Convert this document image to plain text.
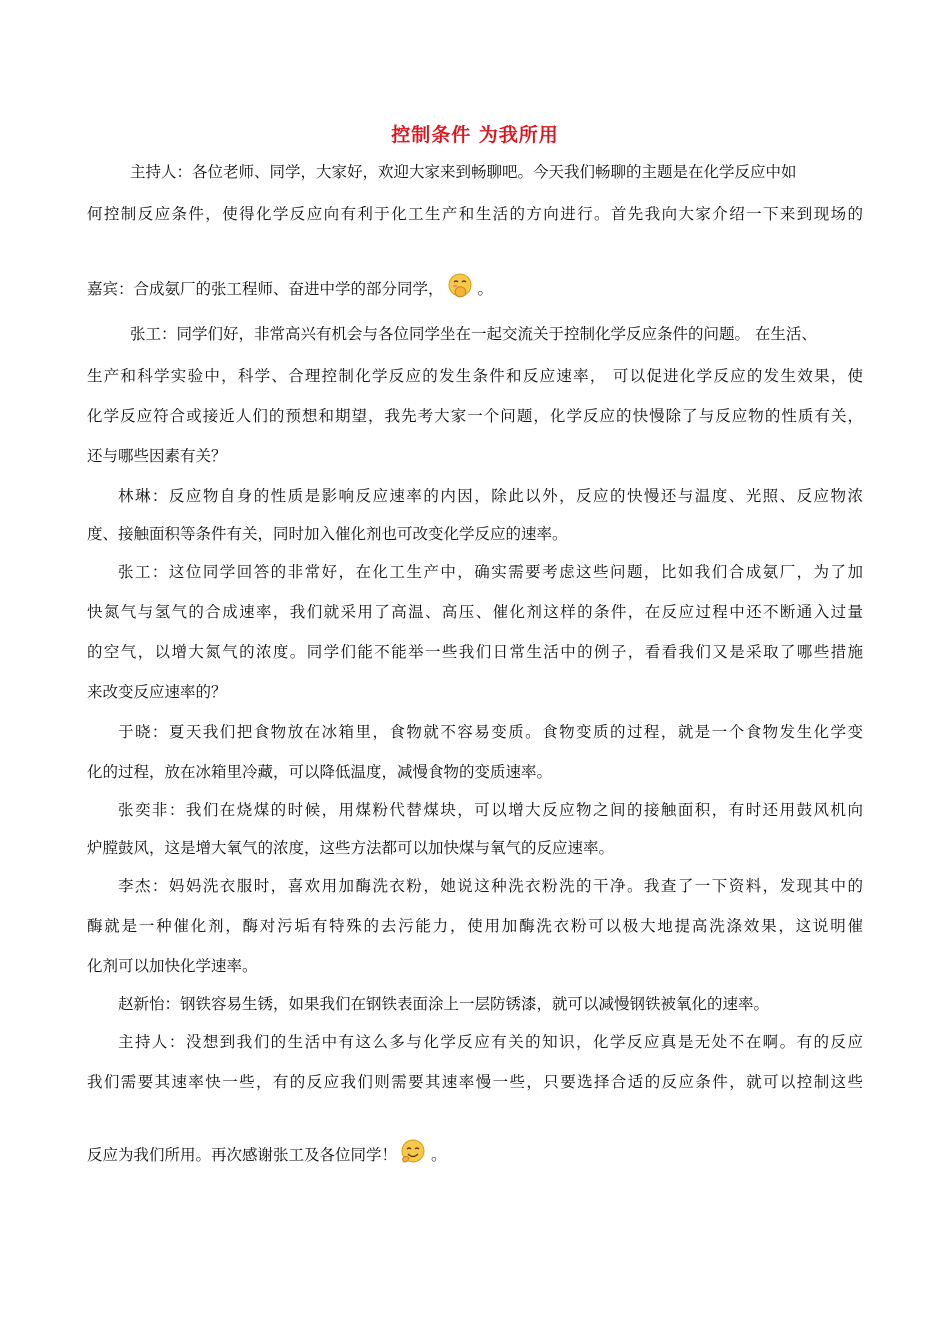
控制条件 为我所用
主持人：各位老师、同学，大家好，欢迎大家来到畅聊吧。今天我们畅聊的主题是在化学反应中如
何控制反应条件，使得化学反应向有利于化工生产和生活的方向进行。首先我向大家介绍一下来到现场的
嘉宾：合成氨厂的张工程师、奋进中学的部分同学， 。
张工：同学们好，非常高兴有机会与各位同学坐在一起交流关于控制化学反应条件的问题。 在生活、
生产和科学实验中，科学、合理控制化学反应的发生条件和反应速率， 可以促进化学反应的发生效果，使
化学反应符合或接近人们的预想和期望，我先考大家一个问题，化学反应的快慢除了与反应物的性质有关，
还与哪些因素有关？
林琳：反应物自身的性质是影响反应速率的内因，除此以外，反应的快慢还与温度、光照、反应物浓
度、接触面积等条件有关，同时加入催化剂也可改变化学反应的速率。
张工：这位同学回答的非常好，在化工生产中，确实需要考虑这些问题，比如我们合成氨厂，为了加
快氮气与氢气的合成速率，我们就采用了高温、高压、催化剂这样的条件，在反应过程中还不断通入过量
的空气，以增大氮气的浓度。同学们能不能举一些我们日常生活中的例子，看看我们又是采取了哪些措施
来改变反应速率的？
于晓：夏天我们把食物放在冰箱里，食物就不容易变质。食物变质的过程，就是一个食物发生化学变
化的过程，放在冰箱里冷藏，可以降低温度，减慢食物的变质速率。
张奕非：我们在烧煤的时候，用煤粉代替煤块，可以增大反应物之间的接触面积，有时还用鼓风机向
炉膛鼓风，这是增大氧气的浓度，这些方法都可以加快煤与氧气的反应速率。
李杰：妈妈洗衣服时，喜欢用加酶洗衣粉，她说这种洗衣粉洗的干净。我查了一下资料，发现其中的
酶就是一种催化剂，酶对污垢有特殊的去污能力，使用加酶洗衣粉可以极大地提高洗涤效果，这说明催
化剂可以加快化学速率。
赵新怡：钢铁容易生锈，如果我们在钢铁表面涂上一层防锈漆，就可以减慢钢铁被氧化的速率。
主持人：没想到我们的生活中有这么多与化学反应有关的知识，化学反应真是无处不在啊。有的反应
我们需要其速率快一些，有的反应我们则需要其速率慢一些，只要选择合适的反应条件，就可以控制这些
反应为我们所用。再次感谢张工及各位同学！ 。
